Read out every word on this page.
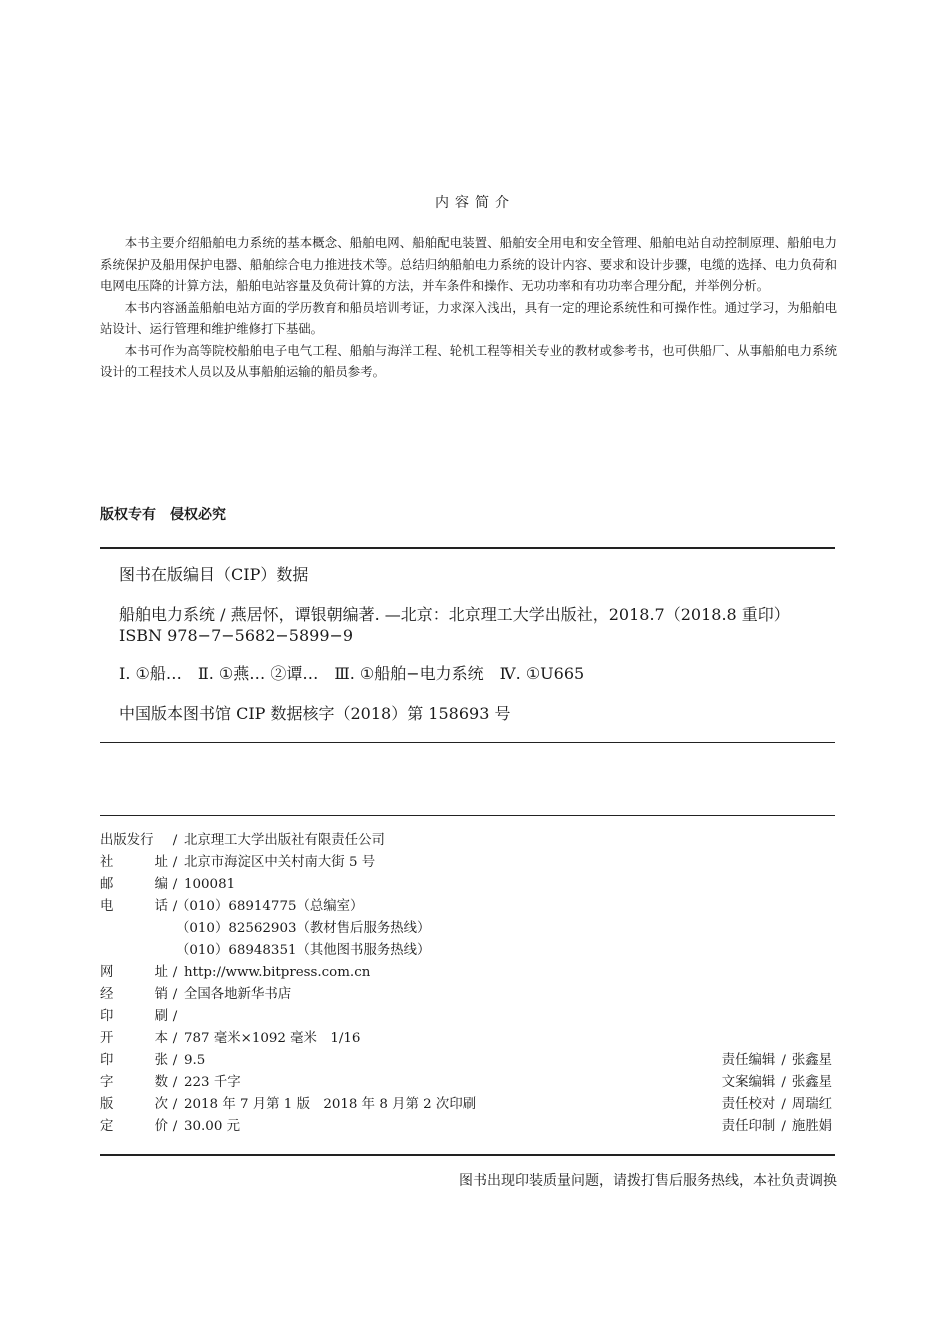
内容简介

本书主要介绍船舶电力系统的基本概念、船舶电网、船舶配电装置、船舶安全用电和安全管理、船舶电站自动控制原理、船舶电力系统保护及船用保护电器、船舶综合电力推进技术等。总结归纳船舶电力系统的设计内容、要求和设计步骤，电缆的选择、电力负荷和电网电压降的计算方法，船舶电站容量及负荷计算的方法，并车条件和操作、无功功率和有功功率合理分配，并举例分析。

本书内容涵盖船舶电站方面的学历教育和船员培训考证，力求深入浅出，具有一定的理论系统性和可操作性。通过学习，为船舶电站设计、运行管理和维护维修打下基础。

本书可作为高等院校船舶电子电气工程、船舶与海洋工程、轮机工程等相关专业的教材或参考书，也可供船厂、从事船舶电力系统设计的工程技术人员以及从事船舶运输的船员参考。

版权专有 侵权必究
图书在版编目（CIP）数据
船舶电力系统 / 燕居怀，谭银朝编著. —北京：北京理工大学出版社，2018.7（2018.8 重印）
ISBN 978−7−5682−5899−9
Ⅰ. ①船…　Ⅱ. ①燕… ②谭…　Ⅲ. ①船舶−电力系统　Ⅳ. ①U665
中国版本图书馆 CIP 数据核字（2018）第 158693 号
出版发行	/ 北京理工大学出版社有限责任公司
社	址 / 北京市海淀区中关村南大街 5 号
邮	编 / 100081
电	话 /
（010）68914775（总编室）
（010）82562903（教材售后服务热线）
（010）68948351（其他图书服务热线）
网	址 / http://www.bitpress.com.cn
经	销 / 全国各地新华书店
印	刷 /
开	本 / 787 毫米×1092 毫米　1/16
印	张 / 9.5	责任编辑 / 张鑫星
字	数 / 223 千字	文案编辑 / 张鑫星
版	次 / 2018 年 7 月第 1 版　2018 年 8 月第 2 次印刷	责任校对 / 周瑞红
定	价 / 30.00 元	责任印制 / 施胜娟
图书出现印装质量问题，请拨打售后服务热线，本社负责调换
